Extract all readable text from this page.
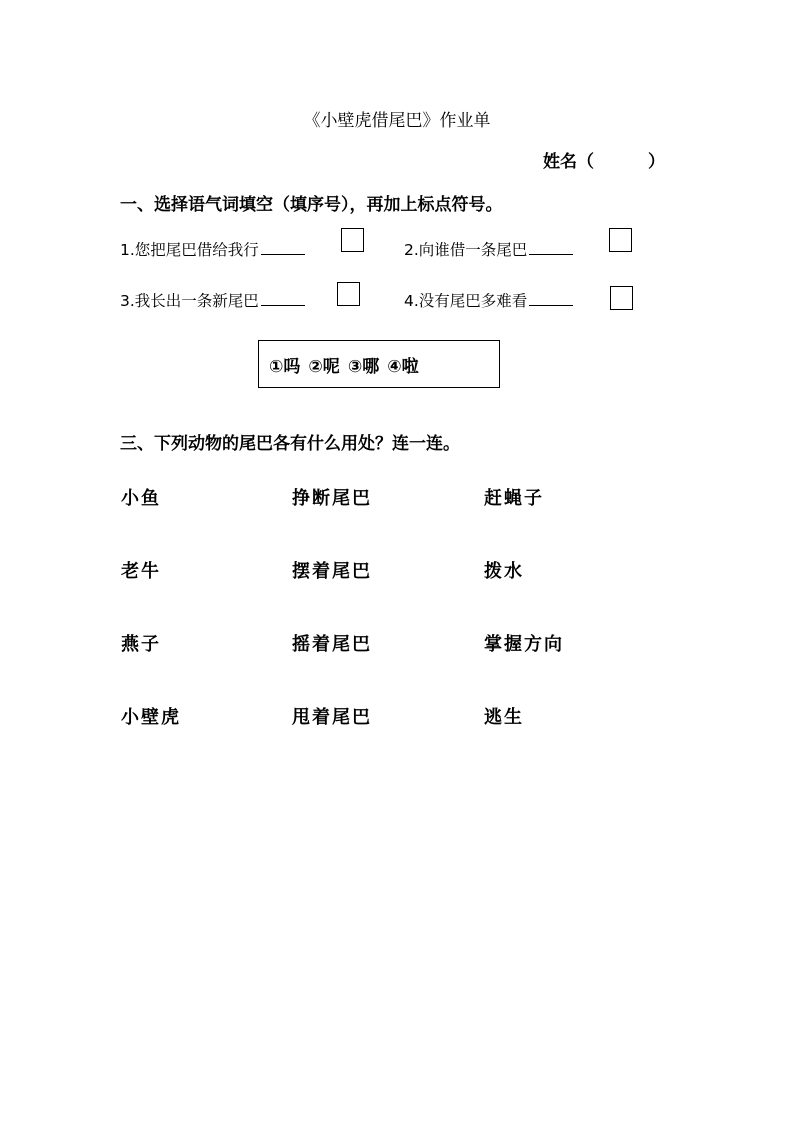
《小壁虎借尾巴》作业单
姓名（	）
一、选择语气词填空（填序号），再加上标点符号。
1.您把尾巴借给我行	2.向谁借一条尾巴
3.我长出一条新尾巴	4.没有尾巴多难看
①吗 ②呢 ③哪 ④啦
三、下列动物的尾巴各有什么用处？连一连。
小鱼	挣断尾巴	赶蝇子
老牛	摆着尾巴	拨水
燕子	摇着尾巴	掌握方向
小壁虎	甩着尾巴	逃生
